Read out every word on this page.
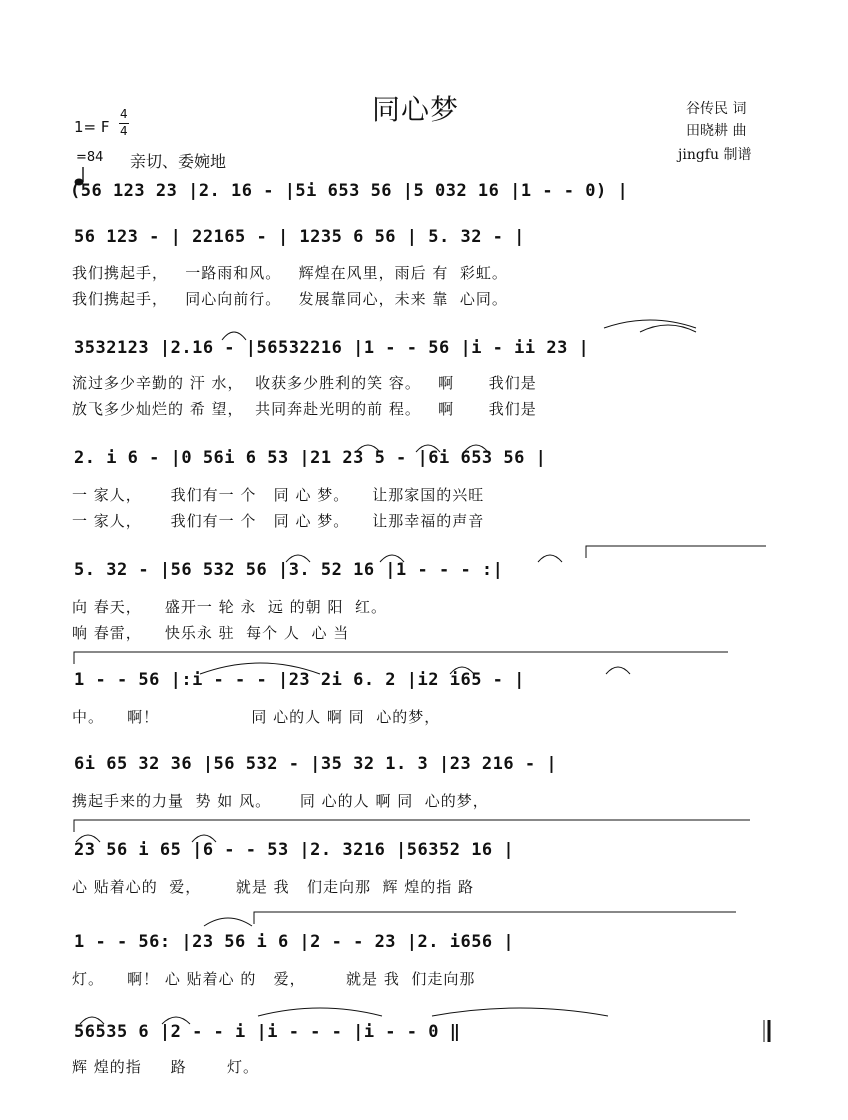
同心梦	谷传民 词
田晓耕 曲
jingfu 制谱
1= F
4
4

=84 亲切、委婉地
(56 123 23 |2. 16 - |5i 653 56 |5 032 16 |1 - - 0) |
56 123 - | 22165 - | 1235 6 56 | 5. 32 - |
我们携起手，   一路雨和风。   辉煌在风里，雨后 有  彩虹。
我们携起手，   同心向前行。   发展靠同心，未来 靠  心同。
3532123 |2.16 - |56532216 |1 - - 56 |i - ii 23 |
流过多少辛勤的 汗 水，  收获多少胜利的笑 容。   啊      我们是
放飞多少灿烂的 希 望，  共同奔赴光明的前 程。   啊      我们是
2. i 6 - |0 56i 6 53 |21 23 5 - |6i 653 56 |
一 家人，     我们有一 个   同 心 梦。    让那家国的兴旺
一 家人，     我们有一 个   同 心 梦。    让那幸福的声音
5. 32 - |56 532 56 |3. 52 16 |1 - - - :|
向 春天，    盛开一 轮 永  远 的朝 阳  红。
响 春雷，    快乐永 驻  每个 人  心 当
1 - - 56 |:i - - - |23 2i 6. 2 |i2 i65 - |
中。    啊！                同 心的人 啊 同  心的梦，
6i 65 32 36 |56 532 - |35 32 1. 3 |23 216 - |
携起手来的力量  势 如 风。     同 心的人 啊 同  心的梦，
23 56 i 65 |6 - - 53 |2. 3216 |56352 16 |
心 贴着心的  爱，      就是 我   们走向那  辉 煌的指 路
1 - - 56: |23 56 i 6 |2 - - 23 |2. i656 |
灯。    啊！ 心 贴着心 的   爱，       就是 我  们走向那
56535 6 |2 - - i |i - - - |i - - 0 ‖
辉 煌的指     路       灯。
